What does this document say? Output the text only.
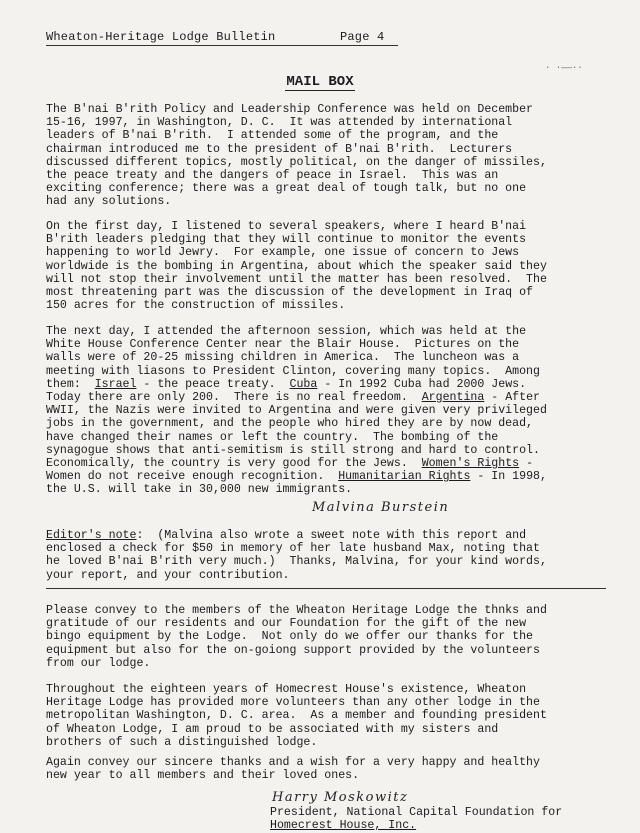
Wheaton-Heritage Lodge Bulletin	Page 4
· ·——··
MAIL BOX

The B'nai B'rith Policy and Leadership Conference was held on December
15-16, 1997, in Washington, D. C.  It was attended by international
leaders of B'nai B'rith.  I attended some of the program, and the
chairman introduced me to the president of B'nai B'rith.  Lecturers
discussed different topics, mostly political, on the danger of missiles,
the peace treaty and the dangers of peace in Israel.  This was an
exciting conference; there was a great deal of tough talk, but no one
had any solutions.

On the first day, I listened to several speakers, where I heard B'nai
B'rith leaders pledging that they will continue to monitor the events
happening to world Jewry.  For example, one issue of concern to Jews
worldwide is the bombing in Argentina, about which the speaker said they
will not stop their involvement until the matter has been resolved.  The
most threatening part was the discussion of the development in Iraq of
150 acres for the construction of missiles.

The next day, I attended the afternoon session, which was held at the
White House Conference Center near the Blair House.  Pictures on the
walls were of 20-25 missing children in America.  The luncheon was a
meeting with liasons to President Clinton, covering many topics.  Among
them:  Israel - the peace treaty.  Cuba - In 1992 Cuba had 2000 Jews.
Today there are only 200.  There is no real freedom.  Argentina - After
WWII, the Nazis were invited to Argentina and were given very privileged
jobs in the government, and the people who hired they are by now dead,
have changed their names or left the country.  The bombing of the
synagogue shows that anti-semitism is still strong and hard to control.
Economically, the country is very good for the Jews.  Women's Rights -
Women do not receive enough recognition.  Humanitarian Rights - In 1998,
the U.S. will take in 30,000 new immigrants.

Malvina Burstein

Editor's note:  (Malvina also wrote a sweet note with this report and
enclosed a check for $50 in memory of her late husband Max, noting that
he loved B'nai B'rith very much.)  Thanks, Malvina, for your kind words,
your report, and your contribution.

Please convey to the members of the Wheaton Heritage Lodge the thnks and
gratitude of our residents and our Foundation for the gift of the new
bingo equipment by the Lodge.  Not only do we offer our thanks for the
equipment but also for the on-goiong support provided by the volunteers
from our lodge.

Throughout the eighteen years of Homecrest House's existence, Wheaton
Heritage Lodge has provided more volunteers than any other lodge in the
metropolitan Washington, D. C. area.  As a member and founding president
of Wheaton Lodge, I am proud to be associated with my sisters and
brothers of such a distinguished lodge.

Again convey our sincere thanks and a wish for a very happy and healthy
new year to all members and their loved ones.

Harry Moskowitz
President, National Capital Foundation for
Homecrest House, Inc.
